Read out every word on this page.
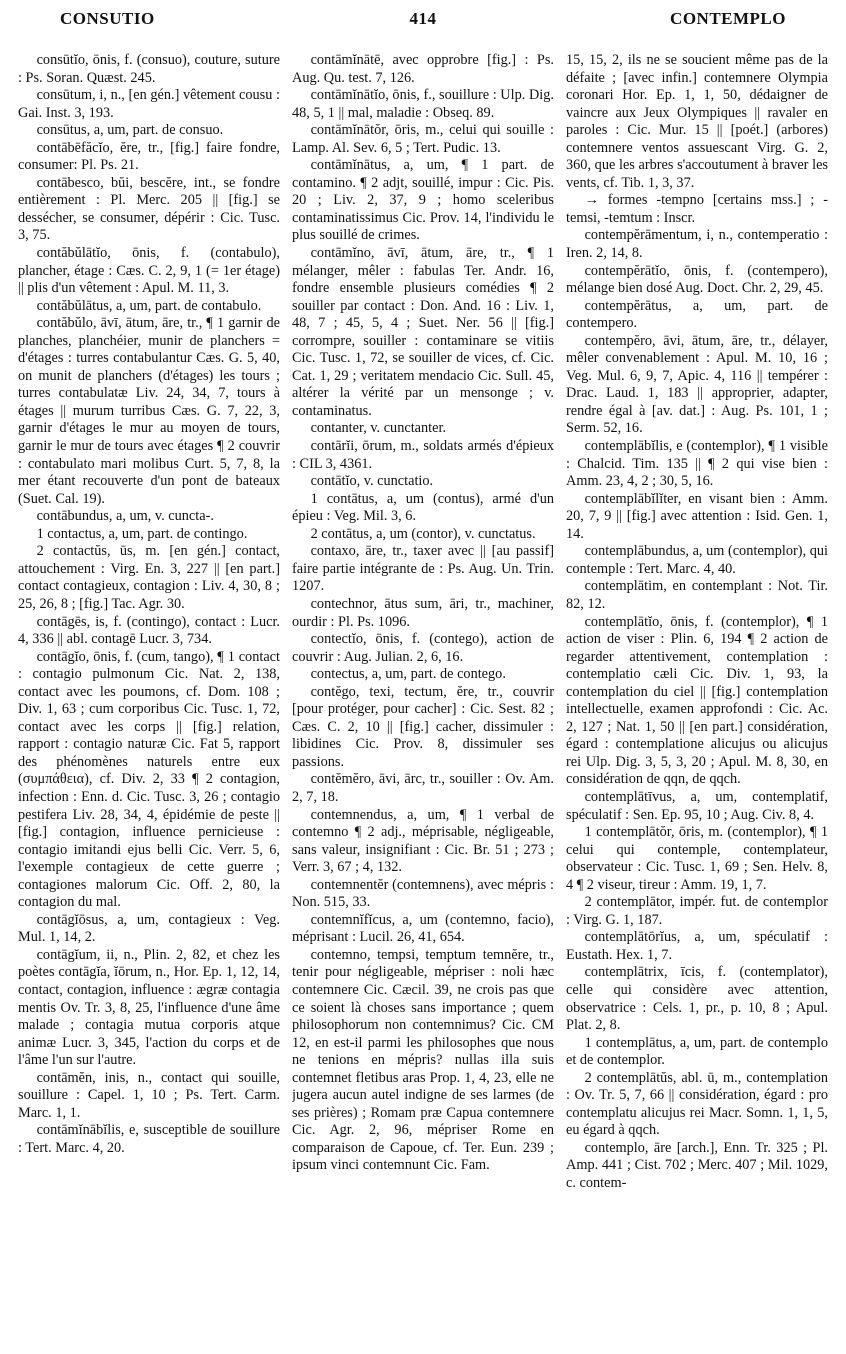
CONSUTIO	414	CONTEMPLO

consūtĭo, ōnis, f. (consuo), couture, suture : Ps. Soran. Quæst. 245.

consūtum, i, n., [en gén.] vêtement cousu : Gai. Inst. 3, 193.

consūtus, a, um, part. de consuo.

contābēfăcĭo, ĕre, tr., [fig.] faire fondre, consumer: Pl. Ps. 21.

contābesco, bŭi, bescĕre, int., se fondre entièrement : Pl. Merc. 205 || [fig.] se dessécher, se consumer, dépérir : Cic. Tusc. 3, 75.

contăbŭlātĭo, ōnis, f. (contabulo), plancher, étage : Cæs. C. 2, 9, 1 (= 1er étage) || plis d'un vêtement : Apul. M. 11, 3.

contăbŭlātus, a, um, part. de contabulo.

contăbŭlo, āvī, ātum, āre, tr., ¶ 1 garnir de planches, planchéier, munir de planchers = d'étages : turres contabulantur Cæs. G. 5, 40, on munit de planchers (d'étages) les tours ; turres contabulatæ Liv. 24, 34, 7, tours à étages || murum turribus Cæs. G. 7, 22, 3, garnir d'étages le mur au moyen de tours, garnir le mur de tours avec étages ¶ 2 couvrir : contabulato mari molibus Curt. 5, 7, 8, la mer étant recouverte d'un pont de bateaux (Suet. Cal. 19).

contābundus, a, um, v. cuncta-.

1 contactus, a, um, part. de contingo.

2 contactŭs, ūs, m. [en gén.] contact, attouchement : Virg. En. 3, 227 || [en part.] contact contagieux, contagion : Liv. 4, 30, 8 ; 25, 26, 8 ; [fig.] Tac. Agr. 30.

contāgēs, is, f. (contingo), contact : Lucr. 4, 336 || abl. contagē Lucr. 3, 734.

contāgĭo, ōnis, f. (cum, tango), ¶ 1 contact : contagio pulmonum Cic. Nat. 2, 138, contact avec les poumons, cf. Dom. 108 ; Div. 1, 63 ; cum corporibus Cic. Tusc. 1, 72, contact avec les corps || [fig.] relation, rapport : contagio naturæ Cic. Fat 5, rapport des phénomènes naturels entre eux (συμπάθεια), cf. Div. 2, 33 ¶ 2 contagion, infection : Enn. d. Cic. Tusc. 3, 26 ; contagio pestifera Liv. 28, 34, 4, épidémie de peste || [fig.] contagion, influence pernicieuse : contagio imitandi ejus belli Cic. Verr. 5, 6, l'exemple contagieux de cette guerre ; contagiones malorum Cic. Off. 2, 80, la contagion du mal.

contāgĭōsus, a, um, contagieux : Veg. Mul. 1, 14, 2.

contāgĭum, ii, n., Plin. 2, 82, et chez les poètes contāgĭa, ĭōrum, n., Hor. Ep. 1, 12, 14, contact, contagion, influence : ægræ contagia mentis Ov. Tr. 3, 8, 25, l'influence d'une âme malade ; contagia mutua corporis atque animæ Lucr. 3, 345, l'action du corps et de l'âme l'un sur l'autre.

contāmĕn, inis, n., contact qui souille, souillure : Capel. 1, 10 ; Ps. Tert. Carm. Marc. 1, 1.

contāmĭnābĭlis, e, susceptible de souillure : Tert. Marc. 4, 20.

contāmĭnātē, avec opprobre [fig.] : Ps. Aug. Qu. test. 7, 126.

contāmĭnātĭo, ōnis, f., souillure : Ulp. Dig. 48, 5, 1 || mal, maladie : Obseq. 89.

contāmĭnātŏr, ōris, m., celui qui souille : Lamp. Al. Sev. 6, 5 ; Tert. Pudic. 13.

contāmĭnātus, a, um, ¶ 1 part. de contamino. ¶ 2 adjt, souillé, impur : Cic. Pis. 20 ; Liv. 2, 37, 9 ; homo sceleribus contaminatissimus Cic. Prov. 14, l'individu le plus souillé de crimes.

contāmĭno, āvī, ātum, āre, tr., ¶ 1 mélanger, mêler : fabulas Ter. Andr. 16, fondre ensemble plusieurs comédies ¶ 2 souiller par contact : Don. And. 16 : Liv. 1, 48, 7 ; 45, 5, 4 ; Suet. Ner. 56 || [fig.] corrompre, souiller : contaminare se vitiis Cic. Tusc. 1, 72, se souiller de vices, cf. Cic. Cat. 1, 29 ; veritatem mendacio Cic. Sull. 45, altérer la vérité par un mensonge ; v. contaminatus.

contanter, v. cunctanter.

contārĭi, ōrum, m., soldats armés d'épieux : CIL 3, 4361.

contātĭo, v. cunctatio.

1 contātus, a, um (contus), armé d'un épieu : Veg. Mil. 3, 6.

2 contātus, a, um (contor), v. cunctatus.

contaxo, āre, tr., taxer avec || [au passif] faire partie intégrante de : Ps. Aug. Un. Trin. 1207.

contechnor, ātus sum, āri, tr., machiner, ourdir : Pl. Ps. 1096.

contectĭo, ōnis, f. (contego), action de couvrir : Aug. Julian. 2, 6, 16.

contectus, a, um, part. de contego.

contĕgo, texi, tectum, ĕre, tr., couvrir [pour protéger, pour cacher] : Cic. Sest. 82 ; Cæs. C. 2, 10 || [fig.] cacher, dissimuler : libidines Cic. Prov. 8, dissimuler ses passions.

contĕmĕro, āvi, ārc, tr., souiller : Ov. Am. 2, 7, 18.

contemnendus, a, um, ¶ 1 verbal de contemno ¶ 2 adj., méprisable, négligeable, sans valeur, insignifiant : Cic. Br. 51 ; 273 ; Verr. 3, 67 ; 4, 132.

contemnentĕr (contemnens), avec mépris : Non. 515, 33.

contemnĭfĭcus, a, um (contemno, facio), méprisant : Lucil. 26, 41, 654.

contemno, tempsi, temptum temnĕre, tr., tenir pour négligeable, mépriser : noli hæc contemnere Cic. Cæcil. 39, ne crois pas que ce soient là choses sans importance ; quem philosophorum non contemnimus? Cic. CM 12, en est-il parmi les philosophes que nous ne tenions en mépris? nullas illa suis contemnet fletibus aras Prop. 1, 4, 23, elle ne jugera aucun autel indigne de ses larmes (de ses prières) ; Romam præ Capua contemnere Cic. Agr. 2, 96, mépriser Rome en comparaison de Capoue, cf. Ter. Eun. 239 ; ipsum vinci contemnunt Cic. Fam.

15, 15, 2, ils ne se soucient même pas de la défaite ; [avec infin.] contemnere Olympia coronari Hor. Ep. 1, 1, 50, dédaigner de vaincre aux Jeux Olympiques || ravaler en paroles : Cic. Mur. 15 || [poét.] (arbores) contemnere ventos assuescant Virg. G. 2, 360, que les arbres s'accoutument à braver les vents, cf. Tib. 1, 3, 37.

→ formes -tempno [certains mss.] ; -temsi, -temtum : Inscr.

contempĕrāmentum, i, n., contemperatio : Iren. 2, 14, 8.

contempĕrātĭo, ōnis, f. (contempero), mélange bien dosé Aug. Doct. Chr. 2, 29, 45.

contempĕrātus, a, um, part. de contempero.

contempĕro, āvi, ātum, āre, tr., délayer, mêler convenablement : Apul. M. 10, 16 ; Veg. Mul. 6, 9, 7, Apic. 4, 116 || tempérer : Drac. Laud. 1, 183 || approprier, adapter, rendre égal à [av. dat.] : Aug. Ps. 101, 1 ; Serm. 52, 16.

contemplābĭlis, e (contemplor), ¶ 1 visible : Chalcid. Tim. 135 || ¶ 2 qui vise bien : Amm. 23, 4, 2 ; 30, 5, 16.

contemplābĭlĭter, en visant bien : Amm. 20, 7, 9 || [fig.] avec attention : Isid. Gen. 1, 14.

contemplābundus, a, um (contemplor), qui contemple : Tert. Marc. 4, 40.

contemplātim, en contemplant : Not. Tir. 82, 12.

contemplātĭo, ōnis, f. (contemplor), ¶ 1 action de viser : Plin. 6, 194 ¶ 2 action de regarder attentivement, contemplation : contemplatio cæli Cic. Div. 1, 93, la contemplation du ciel || [fig.] contemplation intellectuelle, examen approfondi : Cic. Ac. 2, 127 ; Nat. 1, 50 || [en part.] considération, égard : contemplatione alicujus ou alicujus rei Ulp. Dig. 3, 5, 3, 20 ; Apul. M. 8, 30, en considération de qqn, de qqch.

contemplātīvus, a, um, contemplatif, spéculatif : Sen. Ep. 95, 10 ; Aug. Civ. 8, 4.

1 contemplātŏr, ōris, m. (contemplor), ¶ 1 celui qui contemple, contemplateur, observateur : Cic. Tusc. 1, 69 ; Sen. Helv. 8, 4 ¶ 2 viseur, tireur : Amm. 19, 1, 7.

2 contemplātor, impér. fut. de contemplor : Virg. G. 1, 187.

contemplātōrĭus, a, um, spéculatif : Eustath. Hex. 1, 7.

contemplātrix, īcis, f. (contemplator), celle qui considère avec attention, observatrice : Cels. 1, pr., p. 10, 8 ; Apul. Plat. 2, 8.

1 contemplātus, a, um, part. de contemplo et de contemplor.

2 contemplātŭs, abl. ū, m., contemplation : Ov. Tr. 5, 7, 66 || considération, égard : pro contemplatu alicujus rei Macr. Somn. 1, 1, 5, eu égard à qqch.

contemplo, āre [arch.], Enn. Tr. 325 ; Pl. Amp. 441 ; Cist. 702 ; Merc. 407 ; Mil. 1029, c. contem-
